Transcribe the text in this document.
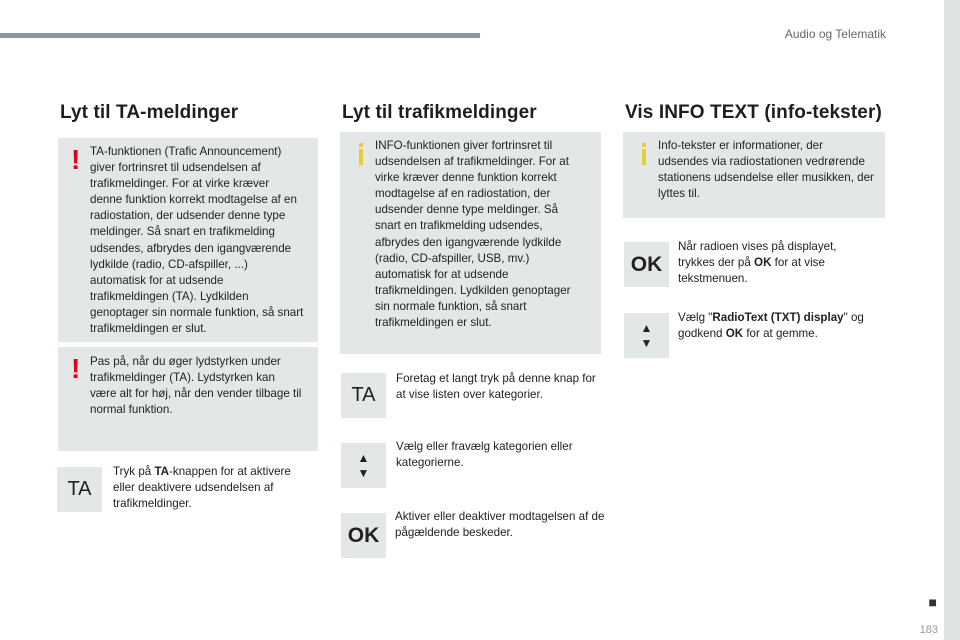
Audio og Telematik
■
183
Lyt til TA-meldinger
! TA-funktionen (Trafic Announcement) giver fortrinsret til udsendelsen af trafikmeldinger. For at virke kræver denne funktion korrekt modtagelse af en radiostation, der udsender denne type meldinger. Så snart en trafikmelding udsendes, afbrydes den igangværende lydkilde (radio, CD-afspiller, ...) automatisk for at udsende trafikmeldingen (TA). Lydkilden genoptager sin normale funktion, så snart trafikmeldingen er slut.
! Pas på, når du øger lydstyrken under trafikmeldinger (TA). Lydstyrken kan være alt for høj, når den vender tilbage til normal funktion.
TA
Tryk på TA-knappen for at aktivere eller deaktivere udsendelsen af trafikmeldinger.
Lyt til trafikmeldinger
INFO-funktionen giver fortrinsret til udsendelsen af trafikmeldinger. For at virke kræver denne funktion korrekt modtagelse af en radiostation, der udsender denne type meldinger. Så snart en trafikmelding udsendes, afbrydes den igangværende lydkilde (radio, CD-afspiller, USB, mv.) automatisk for at udsende trafikmeldingen. Lydkilden genoptager sin normale funktion, så snart trafikmeldingen er slut.
TA
Foretag et langt tryk på denne knap for at vise listen over kategorier.
▲
▼
Vælg eller fravælg kategorien eller kategorierne.
OK
Aktiver eller deaktiver modtagelsen af de pågældende beskeder.
Vis INFO TEXT (info-tekster)
Info-tekster er informationer, der udsendes via radiostationen vedrørende stationens udsendelse eller musikken, der lyttes til.
OK
Når radioen vises på displayet, trykkes der på OK for at vise tekstmenuen.
▲
▼
Vælg "RadioText (TXT) display" og godkend OK for at gemme.
